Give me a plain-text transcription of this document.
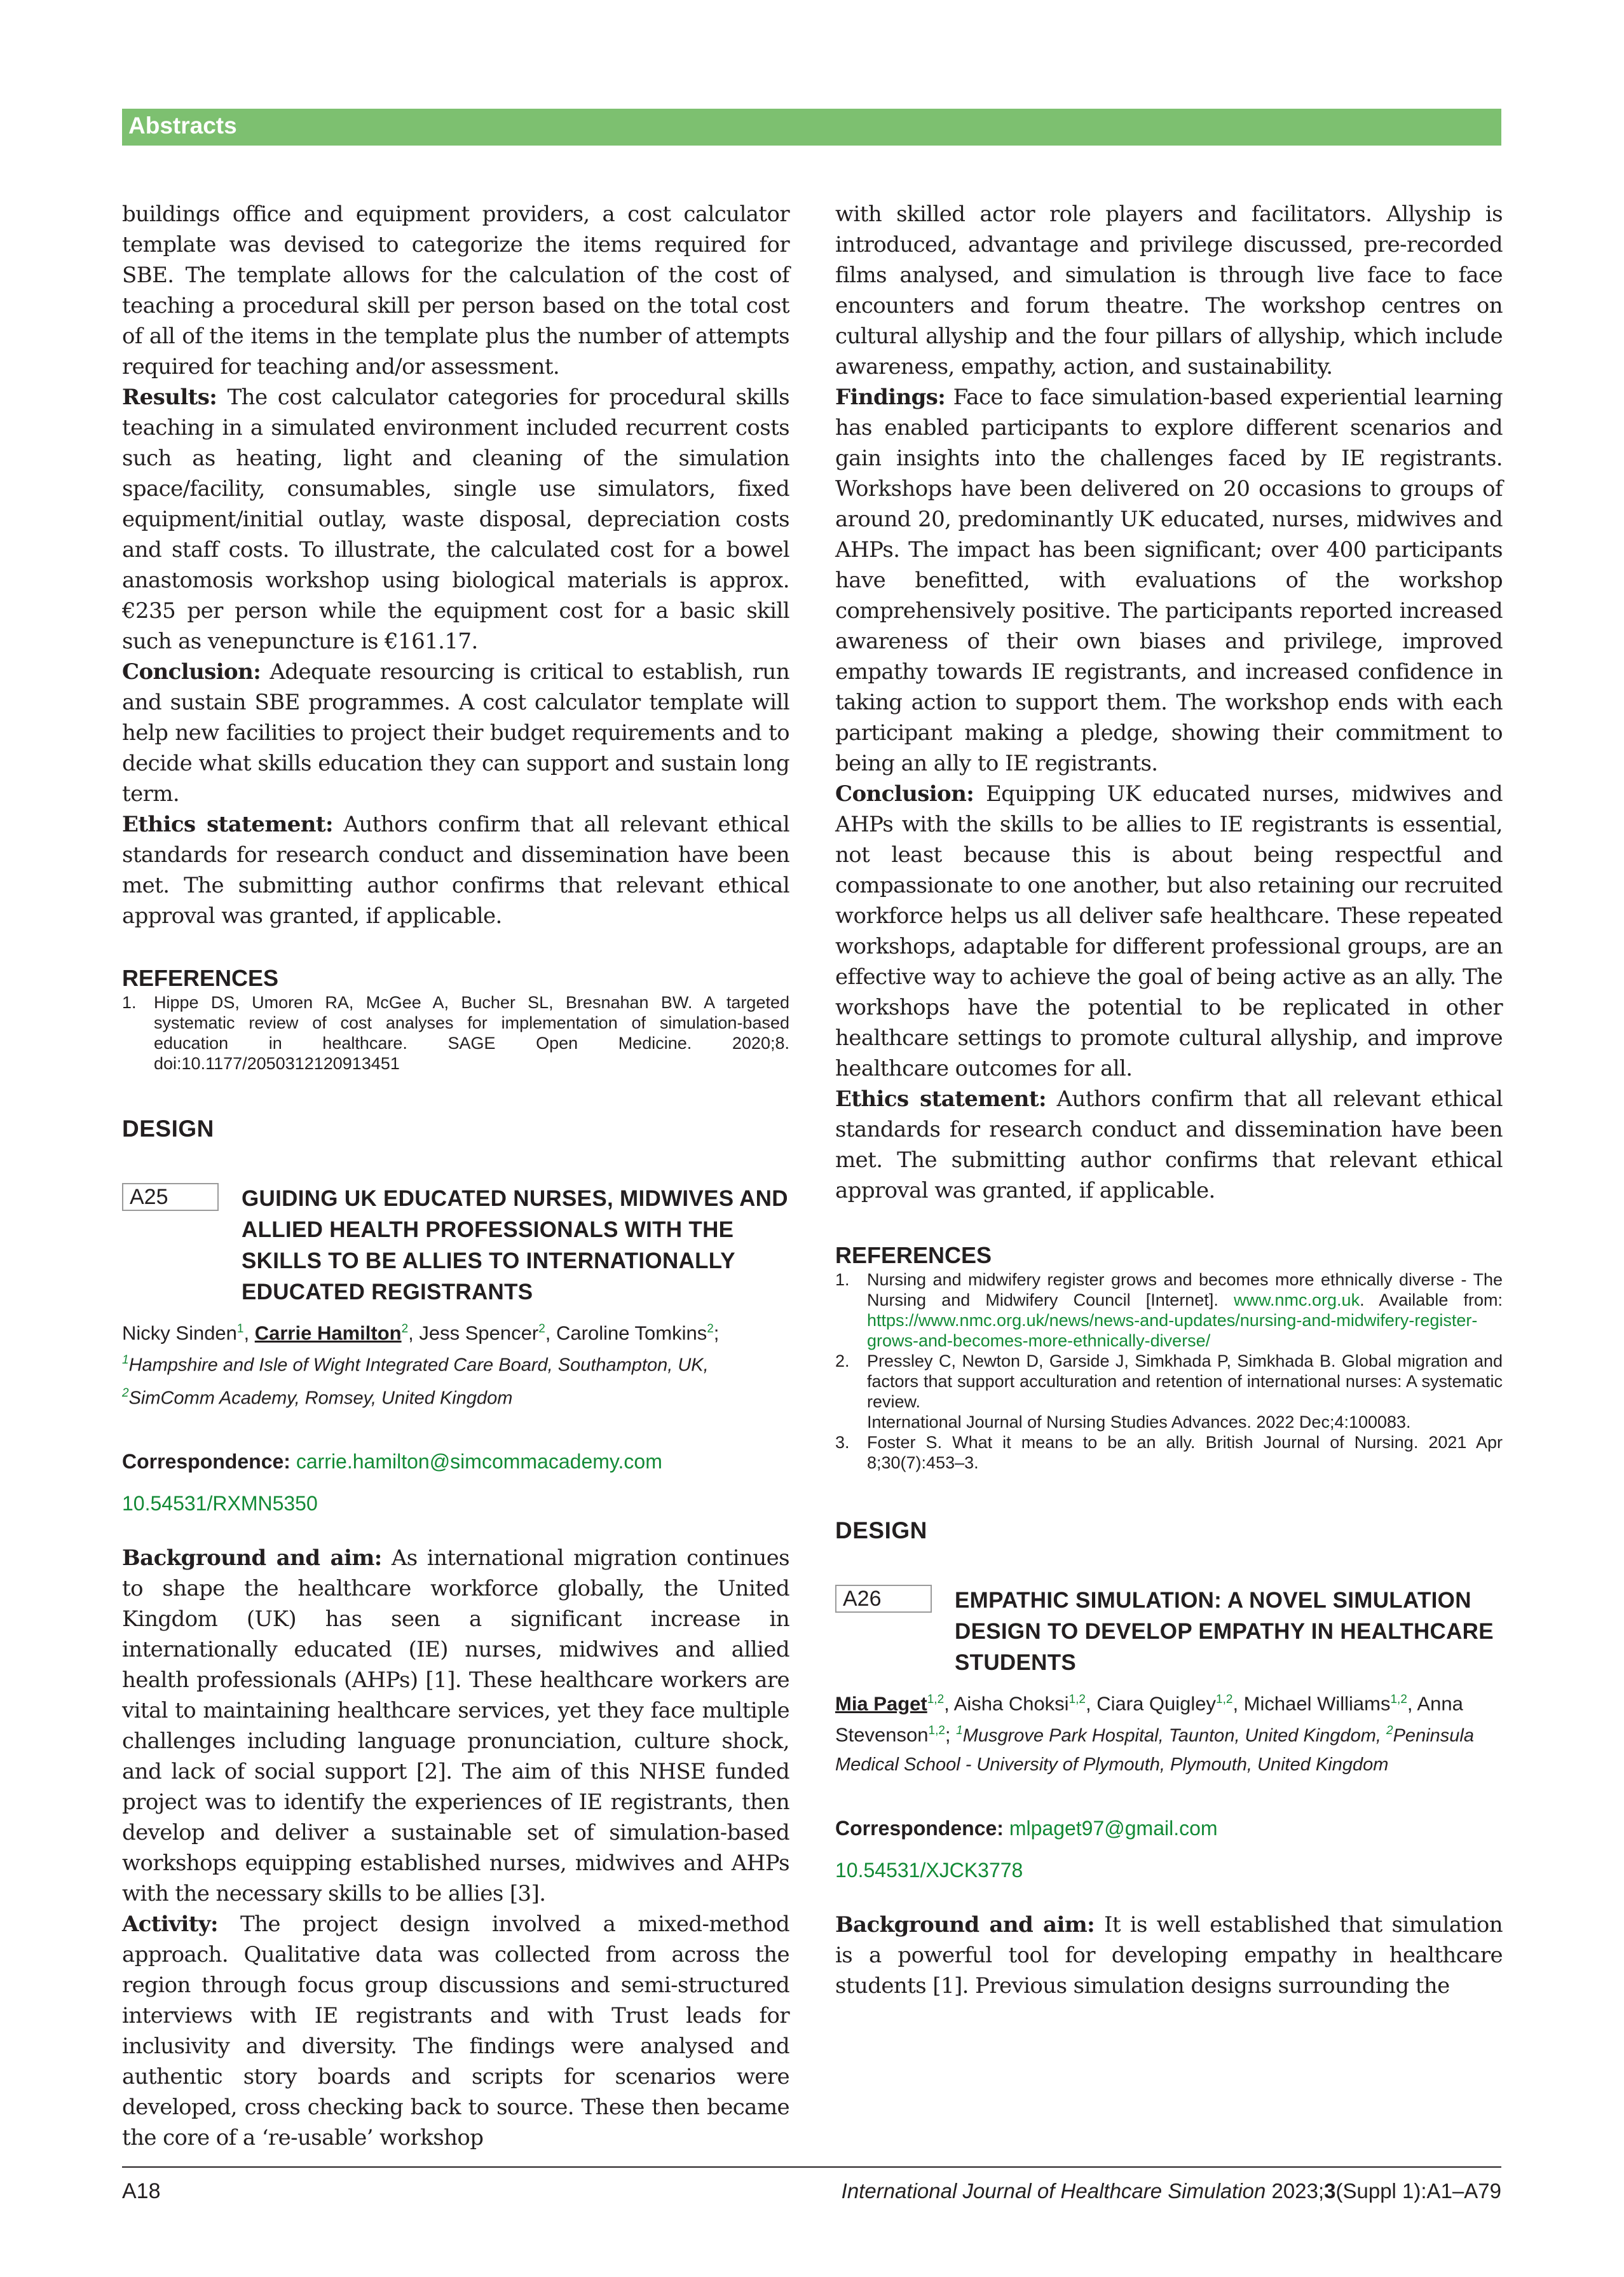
Abstracts

buildings office and equipment providers, a cost calculator template was devised to categorize the items required for SBE. The template allows for the calculation of the cost of teaching a procedural skill per person based on the total cost of all of the items in the template plus the number of attempts required for teaching and/or assessment.

Results: The cost calculator categories for procedural skills teaching in a simulated environment included recurrent costs such as heating, light and cleaning of the simulation space/facility, consumables, single use simulators, fixed equipment/initial outlay, waste disposal, depreciation costs and staff costs. To illustrate, the calculated cost for a bowel anastomosis workshop using biological materials is approx. €235 per person while the equipment cost for a basic skill such as venepuncture is €161.17.

Conclusion: Adequate resourcing is critical to establish, run and sustain SBE programmes. A cost calculator template will help new facilities to project their budget requirements and to decide what skills education they can support and sustain long term.

Ethics statement: Authors confirm that all relevant ethical standards for research conduct and dissemination have been met. The submitting author confirms that relevant ethical approval was granted, if applicable.

REFERENCES

1. Hippe DS, Umoren RA, McGee A, Bucher SL, Bresnahan BW. A targeted systematic review of cost analyses for implementation of simulation-based education in healthcare. SAGE Open Medicine. 2020;8. doi:10.1177/2050312120913451

DESIGN

A25	GUIDING UK EDUCATED NURSES, MIDWIVES AND ALLIED HEALTH PROFESSIONALS WITH THE SKILLS TO BE ALLIES TO INTERNATIONALLY EDUCATED REGISTRANTS

Nicky Sinden$^1$, Carrie Hamilton$^2$, Jess Spencer$^2$, Caroline Tomkins$^2$; $^1$Hampshire and Isle of Wight Integrated Care Board, Southampton, UK, $^2$SimComm Academy, Romsey, United Kingdom

Correspondence: carrie.hamilton@simcommacademy.com

10.54531/RXMN5350

Background and aim: As international migration continues to shape the healthcare workforce globally, the United Kingdom (UK) has seen a significant increase in internationally educated (IE) nurses, midwives and allied health professionals (AHPs) [1]. These healthcare workers are vital to maintaining healthcare services, yet they face multiple challenges including language pronunciation, culture shock, and lack of social support [2]. The aim of this NHSE funded project was to identify the experiences of IE registrants, then develop and deliver a sustainable set of simulation-based workshops equipping established nurses, midwives and AHPs with the necessary skills to be allies [3].

Activity: The project design involved a mixed-method approach. Qualitative data was collected from across the region through focus group discussions and semi-structured interviews with IE registrants and with Trust leads for inclusivity and diversity. The findings were analysed and authentic story boards and scripts for scenarios were developed, cross checking back to source. These then became the core of a ‘re-usable’ workshop

with skilled actor role players and facilitators. Allyship is introduced, advantage and privilege discussed, pre-recorded films analysed, and simulation is through live face to face encounters and forum theatre. The workshop centres on cultural allyship and the four pillars of allyship, which include awareness, empathy, action, and sustainability.

Findings: Face to face simulation-based experiential learning has enabled participants to explore different scenarios and gain insights into the challenges faced by IE registrants. Workshops have been delivered on 20 occasions to groups of around 20, predominantly UK educated, nurses, midwives and AHPs. The impact has been significant; over 400 participants have benefitted, with evaluations of the workshop comprehensively positive. The participants reported increased awareness of their own biases and privilege, improved empathy towards IE registrants, and increased confidence in taking action to support them. The workshop ends with each participant making a pledge, showing their commitment to being an ally to IE registrants.

Conclusion: Equipping UK educated nurses, midwives and AHPs with the skills to be allies to IE registrants is essential, not least because this is about being respectful and compassionate to one another, but also retaining our recruited workforce helps us all deliver safe healthcare. These repeated workshops, adaptable for different professional groups, are an effective way to achieve the goal of being active as an ally. The workshops have the potential to be replicated in other healthcare settings to promote cultural allyship, and improve healthcare outcomes for all.

Ethics statement: Authors confirm that all relevant ethical standards for research conduct and dissemination have been met. The submitting author confirms that relevant ethical approval was granted, if applicable.

REFERENCES

1. Nursing and midwifery register grows and becomes more ethnically diverse - The Nursing and Midwifery Council [Internet]. www.nmc.org.uk. Available from: https://www.nmc.org.uk/news/news-and-updates/nursing-and-midwifery-register-grows-and-becomes-more-ethnically-diverse/
2. Pressley C, Newton D, Garside J, Simkhada P, Simkhada B. Global migration and factors that support acculturation and retention of international nurses: A systematic review.
International Journal of Nursing Studies Advances. 2022 Dec;4:100083.
3. Foster S. What it means to be an ally. British Journal of Nursing. 2021 Apr 8;30(7):453–3.

DESIGN

A26	EMPATHIC SIMULATION: A NOVEL SIMULATION DESIGN TO DEVELOP EMPATHY IN HEALTHCARE STUDENTS

Mia Paget$^{1,2}$, Aisha Choksi$^{1,2}$, Ciara Quigley$^{1,2}$, Michael Williams$^{1,2}$, Anna Stevenson$^{1,2}$; $^1$Musgrove Park Hospital, Taunton, United Kingdom, $^2$Peninsula Medical School - University of Plymouth, Plymouth, United Kingdom

Correspondence: mlpaget97@gmail.com

10.54531/XJCK3778

Background and aim: It is well established that simulation is a powerful tool for developing empathy in healthcare students [1]. Previous simulation designs surrounding the

A18	International Journal of Healthcare Simulation 2023;3(Suppl 1):A1–A79
